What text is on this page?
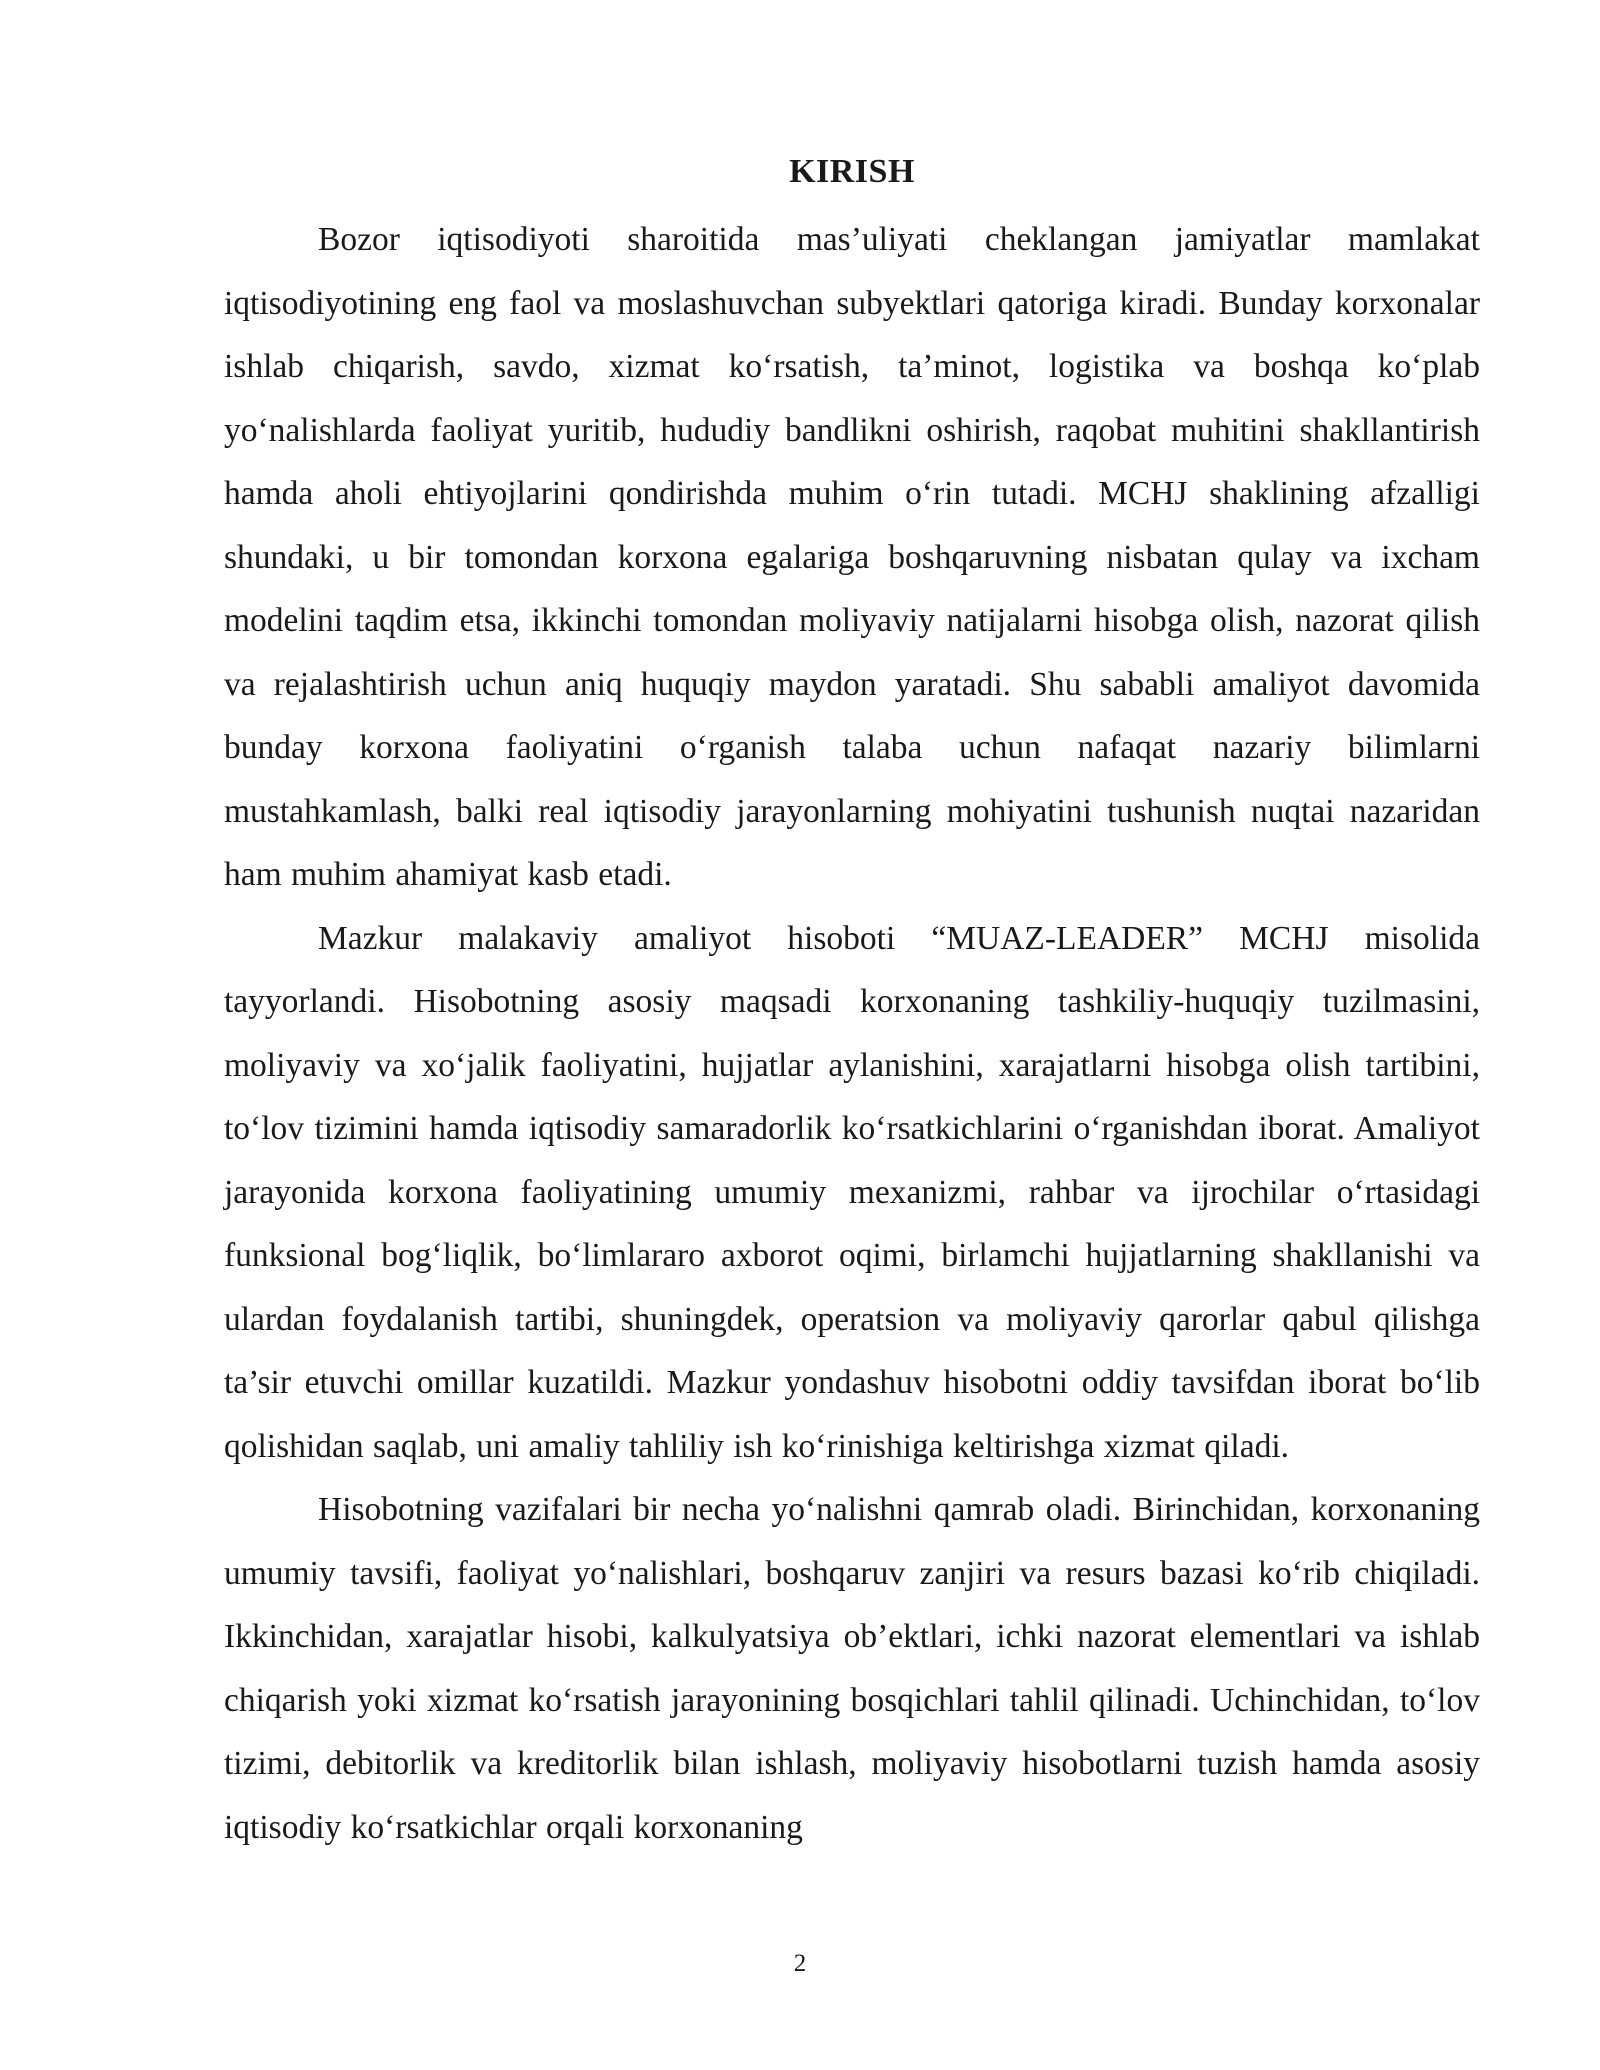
KIRISH

Bozor iqtisodiyoti sharoitida mas’uliyati cheklangan jamiyatlar mamlakat iqtisodiyotining eng faol va moslashuvchan subyektlari qatoriga kiradi. Bunday korxonalar ishlab chiqarish, savdo, xizmat ko‘rsatish, ta’minot, logistika va boshqa ko‘plab yo‘nalishlarda faoliyat yuritib, hududiy bandlikni oshirish, raqobat muhitini shakllantirish hamda aholi ehtiyojlarini qondirishda muhim o‘rin tutadi. MCHJ shaklining afzalligi shundaki, u bir tomondan korxona egalariga boshqaruvning nisbatan qulay va ixcham modelini taqdim etsa, ikkinchi tomondan moliyaviy natijalarni hisobga olish, nazorat qilish va rejalashtirish uchun aniq huquqiy maydon yaratadi. Shu sababli amaliyot davomida bunday korxona faoliyatini o‘rganish talaba uchun nafaqat nazariy bilimlarni mustahkamlash, balki real iqtisodiy jarayonlarning mohiyatini tushunish nuqtai nazaridan ham muhim ahamiyat kasb etadi.

Mazkur malakaviy amaliyot hisoboti “MUAZ-LEADER” MCHJ misolida tayyorlandi. Hisobotning asosiy maqsadi korxonaning tashkiliy-huquqiy tuzilmasini, moliyaviy va xo‘jalik faoliyatini, hujjatlar aylanishini, xarajatlarni hisobga olish tartibini, to‘lov tizimini hamda iqtisodiy samaradorlik ko‘rsatkichlarini o‘rganishdan iborat. Amaliyot jarayonida korxona faoliyatining umumiy mexanizmi, rahbar va ijrochilar o‘rtasidagi funksional bog‘liqlik, bo‘limlararo axborot oqimi, birlamchi hujjatlarning shakllanishi va ulardan foydalanish tartibi, shuningdek, operatsion va moliyaviy qarorlar qabul qilishga ta’sir etuvchi omillar kuzatildi. Mazkur yondashuv hisobotni oddiy tavsifdan iborat bo‘lib qolishidan saqlab, uni amaliy tahliliy ish ko‘rinishiga keltirishga xizmat qiladi.

Hisobotning vazifalari bir necha yo‘nalishni qamrab oladi. Birinchidan, korxonaning umumiy tavsifi, faoliyat yo‘nalishlari, boshqaruv zanjiri va resurs bazasi ko‘rib chiqiladi. Ikkinchidan, xarajatlar hisobi, kalkulyatsiya ob’ektlari, ichki nazorat elementlari va ishlab chiqarish yoki xizmat ko‘rsatish jarayonining bosqichlari tahlil qilinadi. Uchinchidan, to‘lov tizimi, debitorlik va kreditorlik bilan ishlash, moliyaviy hisobotlarni tuzish hamda asosiy iqtisodiy ko‘rsatkichlar orqali korxonaning

2
